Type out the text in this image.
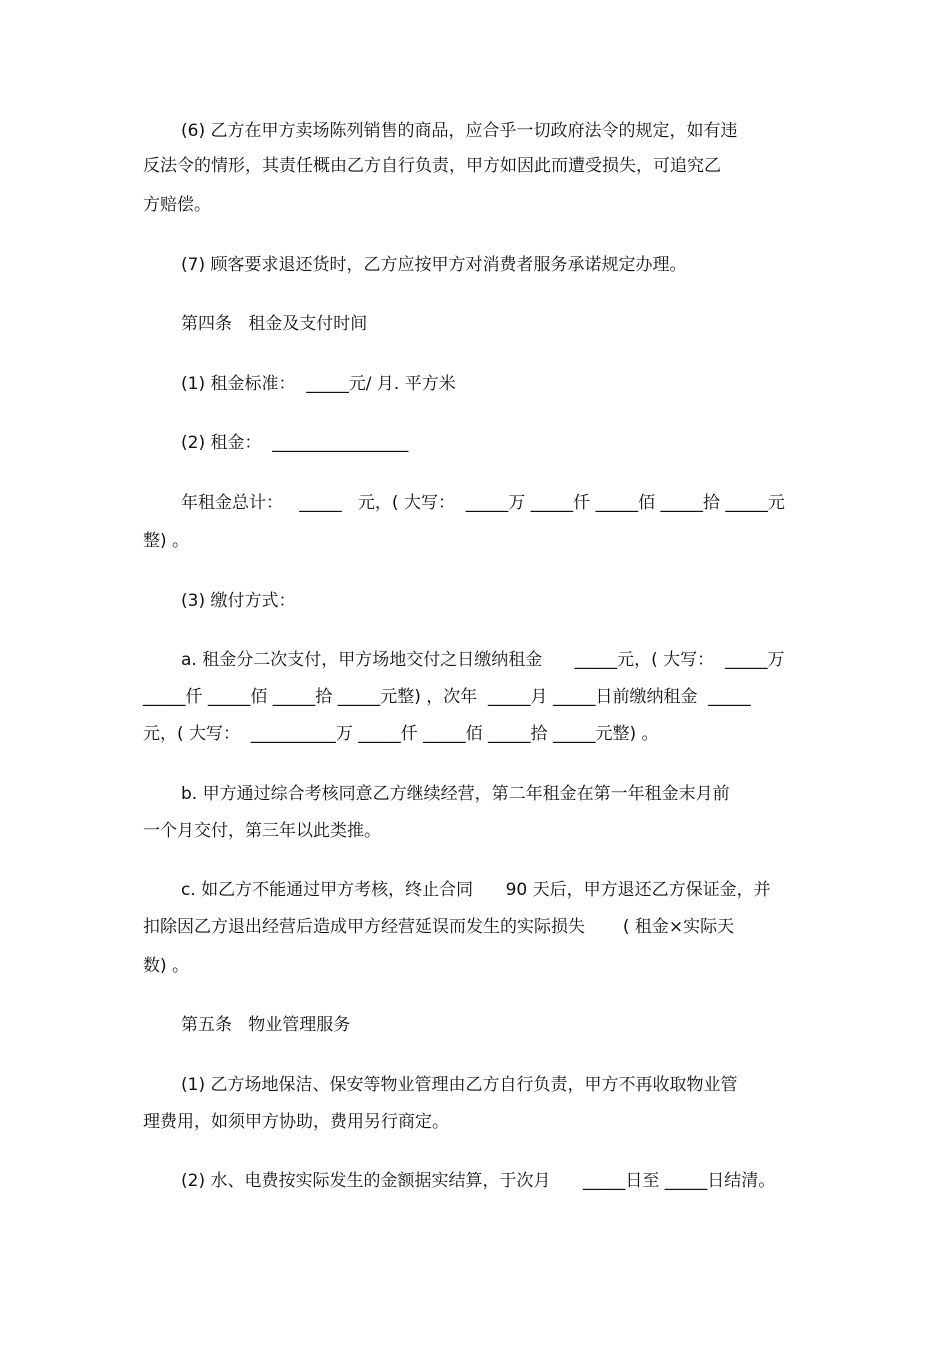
(6) 乙方在甲方卖场陈列销售的商品，应合乎一切政府法令的规定，如有违
反法令的情形，其责任概由乙方自行负责，甲方如因此而遭受损失，可追究乙
方赔偿。
(7) 顾客要求退还货时，乙方应按甲方对消费者服务承诺规定办理。
第四条   租金及支付时间
(1) 租金标准：  _____元/ 月. 平方米
(2) 租金：  ________________
年租金总计：   _____   元，( 大写：  _____万 _____仟 _____佰 _____拾 _____元
整) 。
(3) 缴付方式：
a. 租金分二次支付，甲方场地交付之日缴纳租金      _____元，( 大写：  _____万
_____仟 _____佰 _____拾 _____元整) ，次年  _____月 _____日前缴纳租金  _____
元，( 大写：  __________万 _____仟 _____佰 _____拾 _____元整) 。
b. 甲方通过综合考核同意乙方继续经营，第二年租金在第一年租金末月前
一个月交付，第三年以此类推。
c. 如乙方不能通过甲方考核，终止合同      90 天后，甲方退还乙方保证金，并
扣除因乙方退出经营后造成甲方经营延误而发生的实际损失       ( 租金×实际天
数) 。
第五条   物业管理服务
(1) 乙方场地保洁、保安等物业管理由乙方自行负责，甲方不再收取物业管
理费用，如须甲方协助，费用另行商定。
(2) 水、电费按实际发生的金额据实结算，于次月      _____日至 _____日结清。
